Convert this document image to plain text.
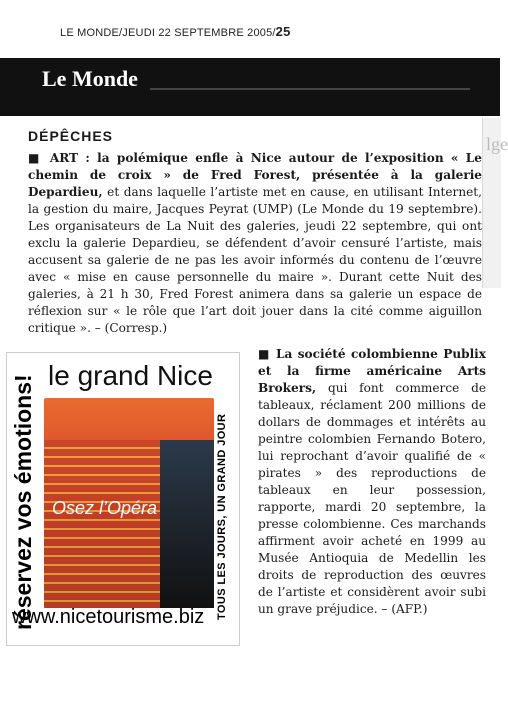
LE MONDE/JEUDI 22 SEPTEMBRE 2005/25
Le Monde
lge
DÉPÊCHES
■ ART : la polémique enfle à Nice autour de l’exposition « Le chemin de croix » de Fred Forest, présentée à la galerie Depardieu, et dans laquelle l’artiste met en cause, en utilisant Internet, la gestion du maire, Jacques Peyrat (UMP) (Le Monde du 19 septembre). Les organisateurs de La Nuit des galeries, jeudi 22 septembre, qui ont exclu la galerie Depardieu, se défendent d’avoir censuré l’artiste, mais accusent sa galerie de ne pas les avoir informés du contenu de l’œuvre avec « mise en cause personnelle du maire ». Durant cette Nuit des galeries, à 21 h 30, Fred Forest animera dans sa galerie un espace de réflexion sur « le rôle que l’art doit jouer dans la cité comme aiguillon critique ». – (Corresp.)
réservez vos émotions! le grand Nice
Osez l’Opéra	TOUS LES JOURS, UN GRAND JOUR
www.nicetourisme.biz
■ La société colombienne Publix et la firme américaine Arts Brokers, qui font commerce de tableaux, réclament 200 millions de dollars de dommages et intérêts au peintre colombien Fernando Botero, lui reprochant d’avoir qualifié de « pirates » des reproductions de tableaux en leur possession, rapporte, mardi 20 septembre, la presse colombienne. Ces marchands affirment avoir acheté en 1999 au Musée Antioquia de Medellin les droits de reproduction des œuvres de l’artiste et considèrent avoir subi un grave préjudice. – (AFP.)
